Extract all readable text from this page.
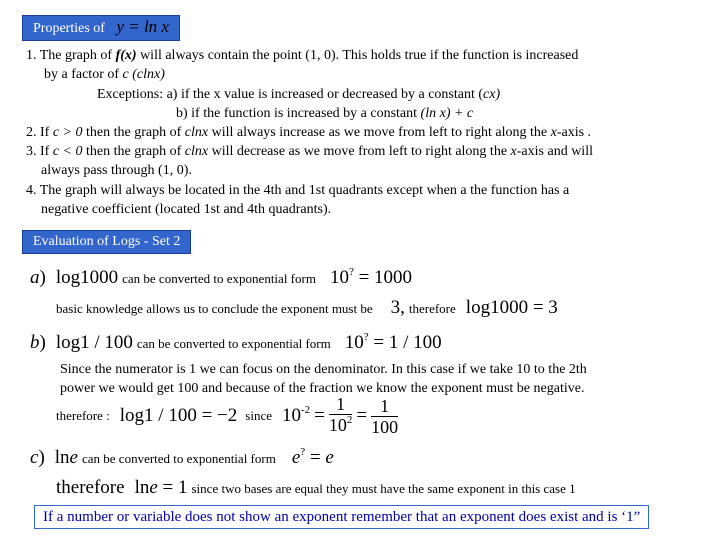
Properties of y = ln x
1. The graph of f(x) will always contain the point (1, 0). This holds true if the function is increased
by a factor of c (clnx)
Exceptions: a) if the x value is increased or decreased by a constant (cx)
b) if the function is increased by a constant (ln x) + c
2. If c > 0 then the graph of clnx will always increase as we move from left to right along the x-axis .
3. If c < 0 then the graph of clnx will decrease as we move from left to right along the x-axis and will
always pass through (1, 0).
4. The graph will always be located in the 4th and 1st quadrants except when a the function has a
negative coefficient (located 1st and 4th quadrants).
Evaluation of Logs - Set 2
a) log1000 can be converted to exponential form 10? = 1000
basic knowledge allows us to conclude the exponent must be 3, therefore log1000 = 3
b) log1 / 100 can be converted to exponential form 10? = 1 / 100
Since the numerator is 1 we can focus on the denominator. In this case if we take 10 to the 2th
power we would get 100 and because of the fraction we know the exponent must be negative.
therefore : log1 / 100 = −2 since $10^{-2} = \frac{1}{10^2} = \frac{1}{100}$
c) lne can be converted to exponential form e? = e
therefore lne = 1 since two bases are equal they must have the same exponent in this case 1
If a number or variable does not show an exponent remember that an exponent does exist and is ‘1”
